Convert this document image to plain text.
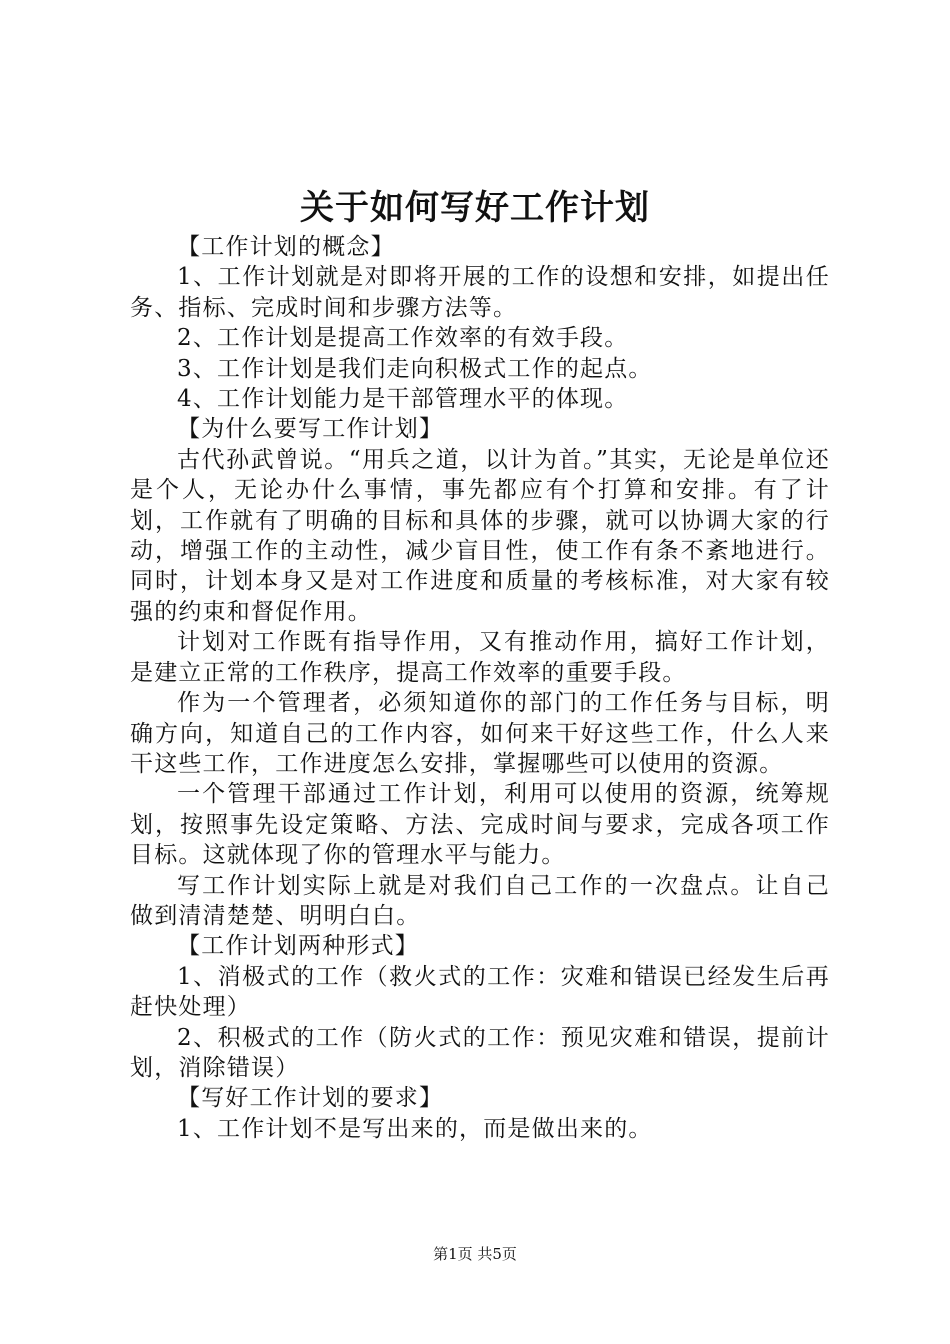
关于如何写好工作计划

【工作计划的概念】

1、工作计划就是对即将开展的工作的设想和安排，如提出任务、指标、完成时间和步骤方法等。

2、工作计划是提高工作效率的有效手段。

3、工作计划是我们走向积极式工作的起点。

4、工作计划能力是干部管理水平的体现。

【为什么要写工作计划】

古代孙武曾说。“用兵之道，以计为首。”其实，无论是单位还是个人，无论办什么事情，事先都应有个打算和安排。有了计划，工作就有了明确的目标和具体的步骤，就可以协调大家的行动，增强工作的主动性，减少盲目性，使工作有条不紊地进行。同时，计划本身又是对工作进度和质量的考核标准，对大家有较强的约束和督促作用。

计划对工作既有指导作用，又有推动作用，搞好工作计划，是建立正常的工作秩序，提高工作效率的重要手段。

作为一个管理者，必须知道你的部门的工作任务与目标，明确方向，知道自己的工作内容，如何来干好这些工作，什么人来干这些工作，工作进度怎么安排，掌握哪些可以使用的资源。

一个管理干部通过工作计划，利用可以使用的资源，统筹规划，按照事先设定策略、方法、完成时间与要求，完成各项工作目标。这就体现了你的管理水平与能力。

写工作计划实际上就是对我们自己工作的一次盘点。让自己做到清清楚楚、明明白白。

【工作计划两种形式】

1、消极式的工作（救火式的工作：灾难和错误已经发生后再赶快处理）

2、积极式的工作（防火式的工作：预见灾难和错误，提前计划，消除错误）

【写好工作计划的要求】

1、工作计划不是写出来的，而是做出来的。

第1页 共5页
